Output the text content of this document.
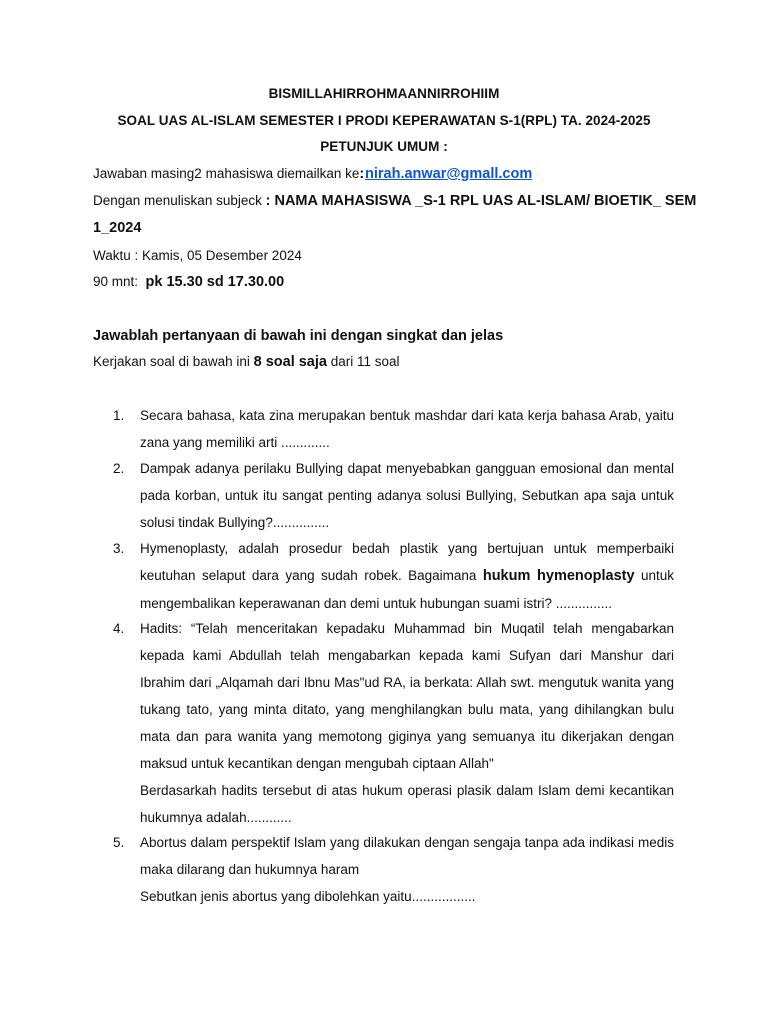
BISMILLAHIRROHMAANNIRROHIIM
SOAL UAS AL-ISLAM SEMESTER I PRODI KEPERAWATAN S-1(RPL) TA. 2024-2025
PETUNJUK UMUM :
Jawaban masing2 mahasiswa diemailkan ke: nirah.anwar@gmall.com
Dengan menuliskan subjeck : NAMA MAHASISWA _S-1 RPL UAS AL-ISLAM/ BIOETIK_ SEM
1_2024
Waktu : Kamis, 05 Desember 2024
90 mnt:  pk 15.30 sd 17.30.00
Jawablah pertanyaan di bawah ini dengan singkat dan jelas
Kerjakan soal di bawah ini 8 soal saja dari 11 soal
1. Secara bahasa, kata zina merupakan bentuk mashdar dari kata kerja bahasa Arab, yaitu zana yang memiliki arti .............
2. Dampak adanya perilaku Bullying dapat menyebabkan gangguan emosional dan mental pada korban, untuk itu sangat penting adanya solusi Bullying, Sebutkan apa saja untuk solusi tindak Bullying?...............
3. Hymenoplasty, adalah prosedur bedah plastik yang bertujuan untuk memperbaiki keutuhan selaput dara yang sudah robek. Bagaimana hukum hymenoplasty untuk mengembalikan keperawanan dan demi untuk hubungan suami istri? ...............
4. Hadits: “Telah menceritakan kepadaku Muhammad bin Muqatil telah mengabarkan kepada kami Abdullah telah mengabarkan kepada kami Sufyan dari Manshur dari Ibrahim dari „Alqamah dari Ibnu Mas"ud RA, ia berkata: Allah swt. mengutuk wanita yang tukang tato, yang minta ditato, yang menghilangkan bulu mata, yang dihilangkan bulu mata dan para wanita yang memotong giginya yang semuanya itu dikerjakan dengan maksud untuk kecantikan dengan mengubah ciptaan Allah"

Berdasarkah hadits tersebut di atas hukum operasi plasik dalam Islam demi kecantikan hukumnya adalah............

5. Abortus dalam perspektif Islam yang dilakukan dengan sengaja tanpa ada indikasi medis maka dilarang dan hukumnya haram

Sebutkan jenis abortus yang dibolehkan yaitu.................
